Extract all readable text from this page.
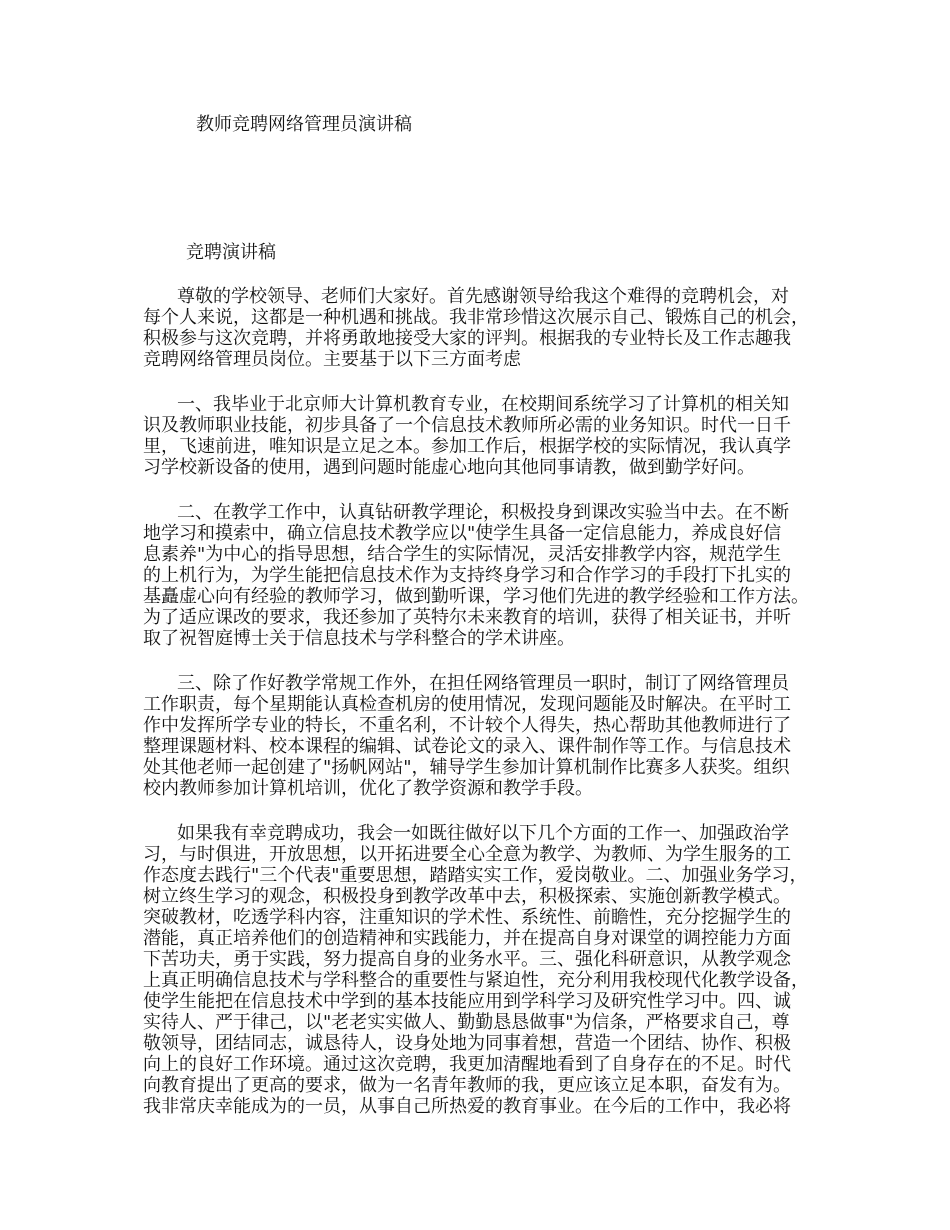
教师竞聘网络管理员演讲稿
竞聘演讲稿
尊敬的学校领导、老师们大家好。首先感谢领导给我这个难得的竞聘机会，对
每个人来说，这都是一种机遇和挑战。我非常珍惜这次展示自己、锻炼自己的机会，
积极参与这次竞聘，并将勇敢地接受大家的评判。根据我的专业特长及工作志趣我
竞聘网络管理员岗位。主要基于以下三方面考虑
一、我毕业于北京师大计算机教育专业，在校期间系统学习了计算机的相关知
识及教师职业技能，初步具备了一个信息技术教师所必需的业务知识。时代一日千
里，飞速前进，唯知识是立足之本。参加工作后，根据学校的实际情况，我认真学
习学校新设备的使用，遇到问题时能虚心地向其他同事请教，做到勤学好问。
二、在教学工作中，认真钻研教学理论，积极投身到课改实验当中去。在不断
地学习和摸索中，确立信息技术教学应以"使学生具备一定信息能力，养成良好信
息素养"为中心的指导思想，结合学生的实际情况，灵活安排教学内容，规范学生
的上机行为，为学生能把信息技术作为支持终身学习和合作学习的手段打下扎实的
基矗虚心向有经验的教师学习，做到勤听课，学习他们先进的教学经验和工作方法。
为了适应课改的要求，我还参加了英特尔未来教育的培训，获得了相关证书，并听
取了祝智庭博士关于信息技术与学科整合的学术讲座。
三、除了作好教学常规工作外，在担任网络管理员一职时，制订了网络管理员
工作职责，每个星期能认真检查机房的使用情况，发现问题能及时解决。在平时工
作中发挥所学专业的特长，不重名利，不计较个人得失，热心帮助其他教师进行了
整理课题材料、校本课程的编辑、试卷论文的录入、课件制作等工作。与信息技术
处其他老师一起创建了"扬帆网站"，辅导学生参加计算机制作比赛多人获奖。组织
校内教师参加计算机培训，优化了教学资源和教学手段。
如果我有幸竞聘成功，我会一如既往做好以下几个方面的工作一、加强政治学
习，与时俱进，开放思想，以开拓进要全心全意为教学、为教师、为学生服务的工
作态度去践行"三个代表"重要思想，踏踏实实工作，爱岗敬业。二、加强业务学习，
树立终生学习的观念，积极投身到教学改革中去，积极探索、实施创新教学模式。
突破教材，吃透学科内容，注重知识的学术性、系统性、前瞻性，充分挖掘学生的
潜能，真正培养他们的创造精神和实践能力，并在提高自身对课堂的调控能力方面
下苦功夫，勇于实践，努力提高自身的业务水平。三、强化科研意识，从教学观念
上真正明确信息技术与学科整合的重要性与紧迫性，充分利用我校现代化教学设备，
使学生能把在信息技术中学到的基本技能应用到学科学习及研究性学习中。四、诚
实待人、严于律己，以"老老实实做人、勤勤恳恳做事"为信条，严格要求自己，尊
敬领导，团结同志，诚恳待人，设身处地为同事着想，营造一个团结、协作、积极
向上的良好工作环境。通过这次竞聘，我更加清醒地看到了自身存在的不足。时代
向教育提出了更高的要求，做为一名青年教师的我，更应该立足本职，奋发有为。
我非常庆幸能成为的一员，从事自己所热爱的教育事业。在今后的工作中，我必将
